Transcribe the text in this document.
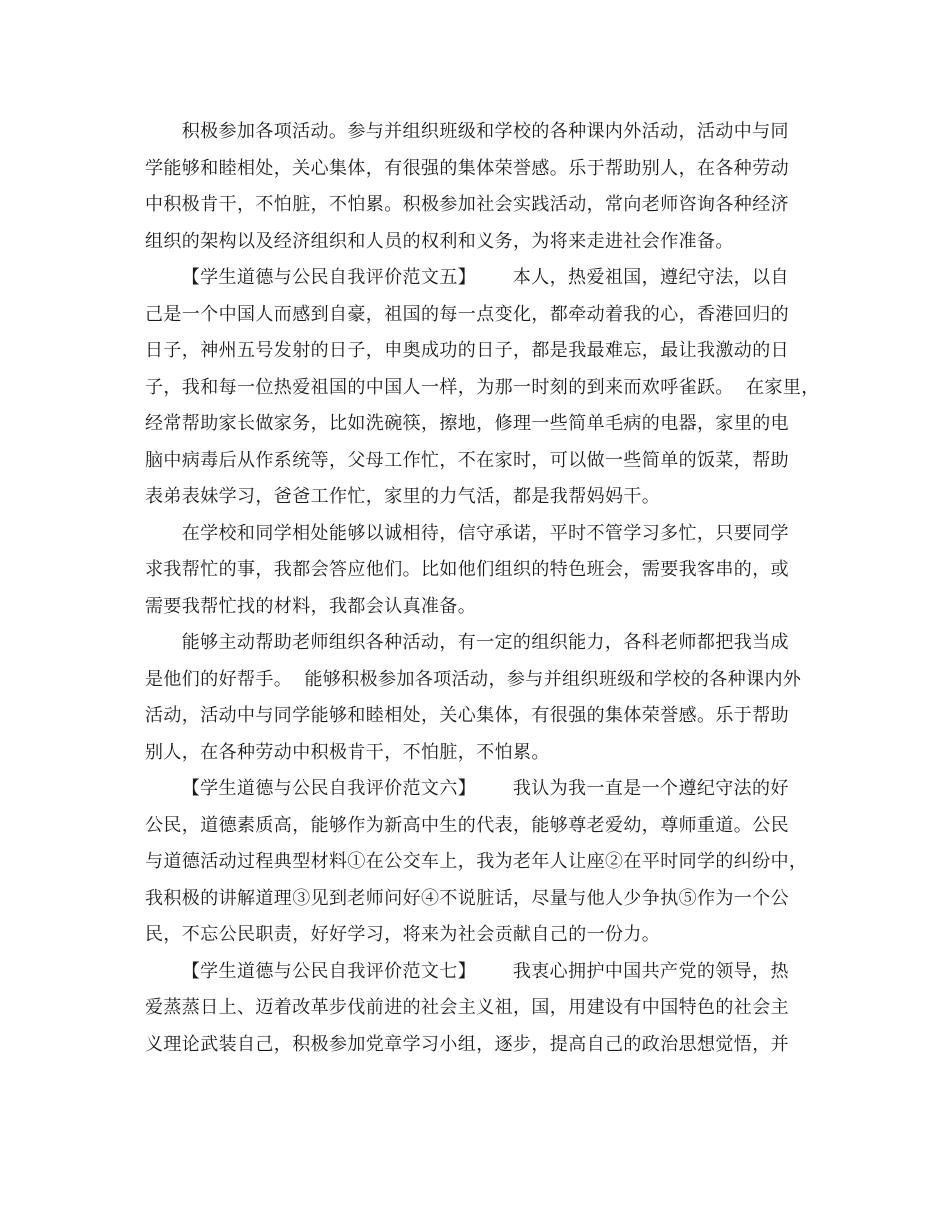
积极参加各项活动。参与并组织班级和学校的各种课内外活动，活动中与同
学能够和睦相处，关心集体，有很强的集体荣誉感。乐于帮助别人，在各种劳动
中积极肯干，不怕脏，不怕累。积极参加社会实践活动，常向老师咨询各种经济
组织的架构以及经济组织和人员的权利和义务，为将来走进社会作准备。
【学生道德与公民自我评价范文五】      本人，热爱祖国，遵纪守法，以自
己是一个中国人而感到自豪，祖国的每一点变化，都牵动着我的心，香港回归的
日子，神州五号发射的日子，申奥成功的日子，都是我最难忘，最让我激动的日
子，我和每一位热爱祖国的中国人一样，为那一时刻的到来而欢呼雀跃。  在家里，
经常帮助家长做家务，比如洗碗筷，擦地，修理一些简单毛病的电器，家里的电
脑中病毒后从作系统等，父母工作忙，不在家时，可以做一些简单的饭菜，帮助
表弟表妹学习，爸爸工作忙，家里的力气活，都是我帮妈妈干。
在学校和同学相处能够以诚相待，信守承诺，平时不管学习多忙，只要同学
求我帮忙的事，我都会答应他们。比如他们组织的特色班会，需要我客串的，或
需要我帮忙找的材料，我都会认真准备。
能够主动帮助老师组织各种活动，有一定的组织能力，各科老师都把我当成
是他们的好帮手。  能够积极参加各项活动，参与并组织班级和学校的各种课内外
活动，活动中与同学能够和睦相处，关心集体，有很强的集体荣誉感。乐于帮助
别人，在各种劳动中积极肯干，不怕脏，不怕累。
【学生道德与公民自我评价范文六】      我认为我一直是一个遵纪守法的好
公民，道德素质高，能够作为新高中生的代表，能够尊老爱幼，尊师重道。公民
与道德活动过程典型材料①在公交车上，我为老年人让座②在平时同学的纠纷中，
我积极的讲解道理③见到老师问好④不说脏话，尽量与他人少争执⑤作为一个公
民，不忘公民职责，好好学习，将来为社会贡献自己的一份力。
【学生道德与公民自我评价范文七】      我衷心拥护中国共产党的领导，热
爱蒸蒸日上、迈着改革步伐前进的社会主义祖，国，用建设有中国特色的社会主
义理论武装自己，积极参加党章学习小组，逐步，提高自己的政治思想觉悟，并
